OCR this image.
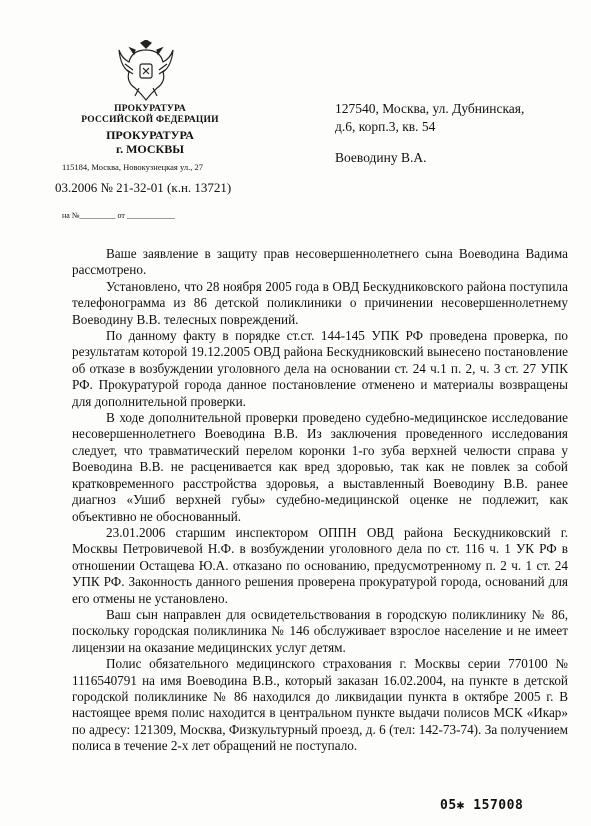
ПРОКУРАТУРА
РОССИЙСКОЙ ФЕДЕРАЦИИ
ПРОКУРАТУРА
г. МОСКВЫ
115184, Москва, Новокузнецкая ул., 27
03.2006 № 21-32-01 (к.н. 13721)
на №_________ от ____________
127540, Москва, ул. Дубнинская,
д.6, корп.3, кв. 54
Воеводину В.А.

Ваше заявление в защиту прав несовершеннолетнего сына Воеводина Вадима рассмотрено.

Установлено, что 28 ноября 2005 года в ОВД Бескудниковского района поступила телефонограмма из 86 детской поликлиники о причинении несовершеннолетнему Воеводину В.В. телесных повреждений.

По данному факту в порядке ст.ст. 144-145 УПК РФ проведена проверка, по результатам которой 19.12.2005 ОВД района Бескудниковский вынесено постановление об отказе в возбуждении уголовного дела на основании ст. 24 ч.1 п. 2, ч. 3 ст. 27 УПК РФ. Прокуратурой города данное постановление отменено и материалы возвращены для дополнительной проверки.

В ходе дополнительной проверки проведено судебно-медицинское исследование несовершеннолетнего Воеводина В.В. Из заключения проведенного исследования следует, что травматический перелом коронки 1-го зуба верхней челюсти справа у Воеводина В.В. не расценивается как вред здоровью, так как не повлек за собой кратковременного расстройства здоровья, а выставленный Воеводину В.В. ранее диагноз «Ушиб верхней губы» судебно-медицинской оценке не подлежит, как объективно не обоснованный.

23.01.2006 старшим инспектором ОППН ОВД района Бескудниковский г. Москвы Петровичевой Н.Ф. в возбуждении уголовного дела по ст. 116 ч. 1 УК РФ в отношении Остащева Ю.А. отказано по основанию, предусмотренному п. 2 ч. 1 ст. 24 УПК РФ. Законность данного решения проверена прокуратурой города, оснований для его отмены не установлено.

Ваш сын направлен для освидетельствования в городскую поликлинику № 86, поскольку городская поликлиника № 146 обслуживает взрослое население и не имеет лицензии на оказание медицинских услуг детям.

Полис обязательного медицинского страхования г. Москвы серии 770100 № 1116540791 на имя Воеводина В.В., который заказан 16.02.2004, на пункте в детской городской поликлинике № 86 находился до ликвидации пункта в октябре 2005 г. В настоящее время полис находится в центральном пункте выдачи полисов МСК «Икар» по адресу: 121309, Москва, Физкультурный проезд, д. 6 (тел: 142-73-74). За получением полиса в течение 2-х лет обращений не поступало.

05✱ 157008
